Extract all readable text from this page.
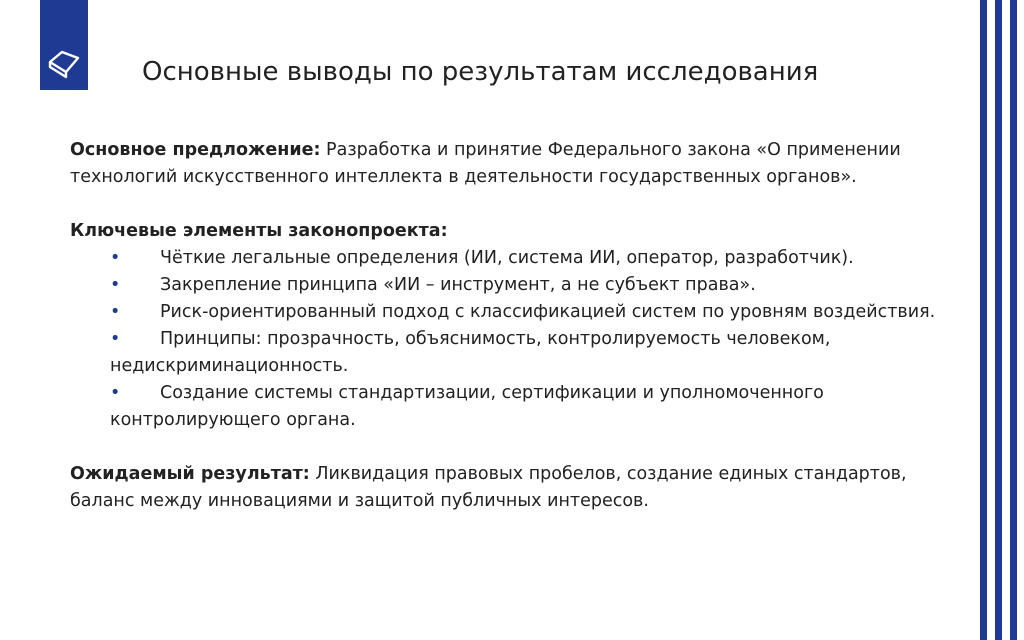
Основные выводы по результатам исследования

Основное предложение: Разработка и принятие Федерального закона «О применении технологий искусственного интеллекта в деятельности государственных органов».

Ключевые элементы законопроекта:

•	Чёткие легальные определения (ИИ, система ИИ, оператор, разработчик).
•	Закрепление принципа «ИИ – инструмент, а не субъект права».
•	Риск-ориентированный подход с классификацией систем по уровням воздействия.
•	Принципы: прозрачность, объяснимость, контролируемость человеком, недискриминационность.
•	Создание системы стандартизации, сертификации и уполномоченного контролирующего органа.

Ожидаемый результат: Ликвидация правовых пробелов, создание единых стандартов, баланс между инновациями и защитой публичных интересов.
